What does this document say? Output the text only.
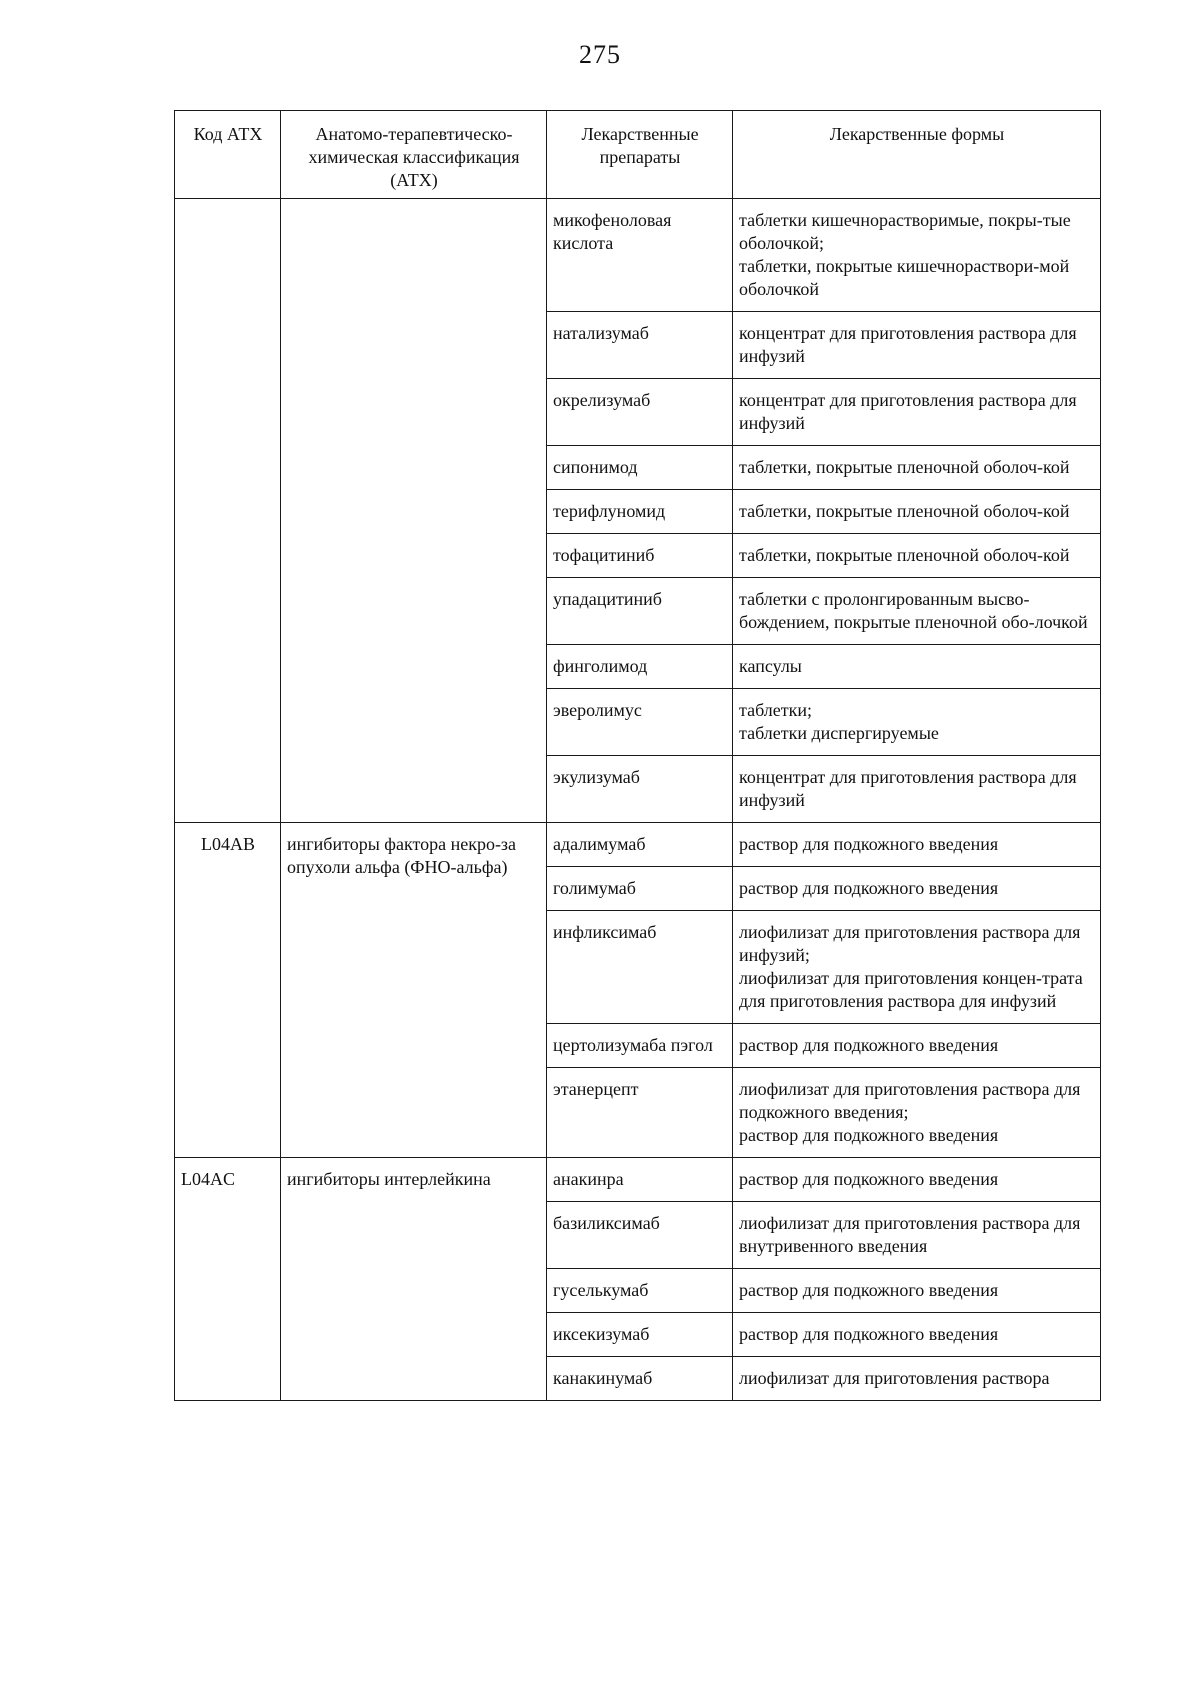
275
Код АТХ	Анатомо-терапевтическо-химическая классификация (АТХ)	Лекарственные препараты	Лекарственные формы
		микофеноловая кислота	таблетки кишечнорастворимые, покры-тые оболочкой;
таблетки, покрытые кишечнораствори-мой оболочкой
		натализумаб	концентрат для приготовления раствора для инфузий
		окрелизумаб	концентрат для приготовления раствора для инфузий
		сипонимод	таблетки, покрытые пленочной оболоч-кой
		терифлуномид	таблетки, покрытые пленочной оболоч-кой
		тофацитиниб	таблетки, покрытые пленочной оболоч-кой
		упадацитиниб	таблетки с пролонгированным высво-бождением, покрытые пленочной обо-лочкой
		финголимод	капсулы
		эверолимус	таблетки;
таблетки диспергируемые
		экулизумаб	концентрат для приготовления раствора для инфузий
L04AB	ингибиторы фактора некро-за опухоли альфа (ФНО-альфа)	адалимумаб	раствор для подкожного введения
		голимумаб	раствор для подкожного введения
		инфликсимаб	лиофилизат для приготовления раствора для инфузий;
лиофилизат для приготовления концен-трата для приготовления раствора для инфузий
		цертолизумаба пэгол	раствор для подкожного введения
		этанерцепт	лиофилизат для приготовления раствора для подкожного введения;
раствор для подкожного введения
L04AC	ингибиторы интерлейкина	анакинра	раствор для подкожного введения
		базиликсимаб	лиофилизат для приготовления раствора для внутривенного введения
		гуселькумаб	раствор для подкожного введения
		иксекизумаб	раствор для подкожного введения
		канакинумаб	лиофилизат для приготовления раствора
